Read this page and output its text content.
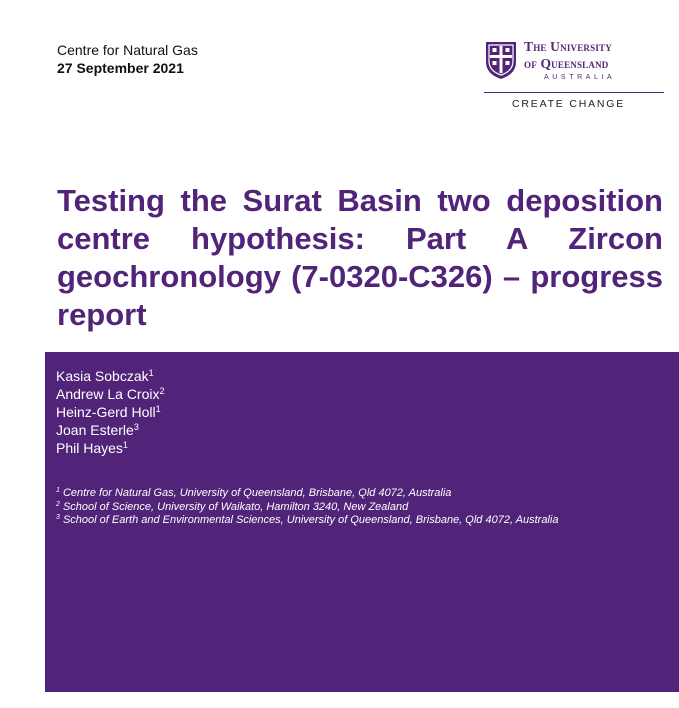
Centre for Natural Gas
27 September 2021
The University
of Queensland
AUSTRALIA
CREATE CHANGE
Testing the Surat Basin two deposition centre hypothesis: Part A Zircon geochronology (7-0320-C326) – progress report
Kasia Sobczak$^1$
Andrew La Croix$^2$
Heinz-Gerd Holl$^1$
Joan Esterle$^3$
Phil Hayes$^1$
$^1$ Centre for Natural Gas, University of Queensland, Brisbane, Qld 4072, Australia
$^2$ School of Science, University of Waikato, Hamilton 3240, New Zealand
$^3$ School of Earth and Environmental Sciences, University of Queensland, Brisbane, Qld 4072, Australia
